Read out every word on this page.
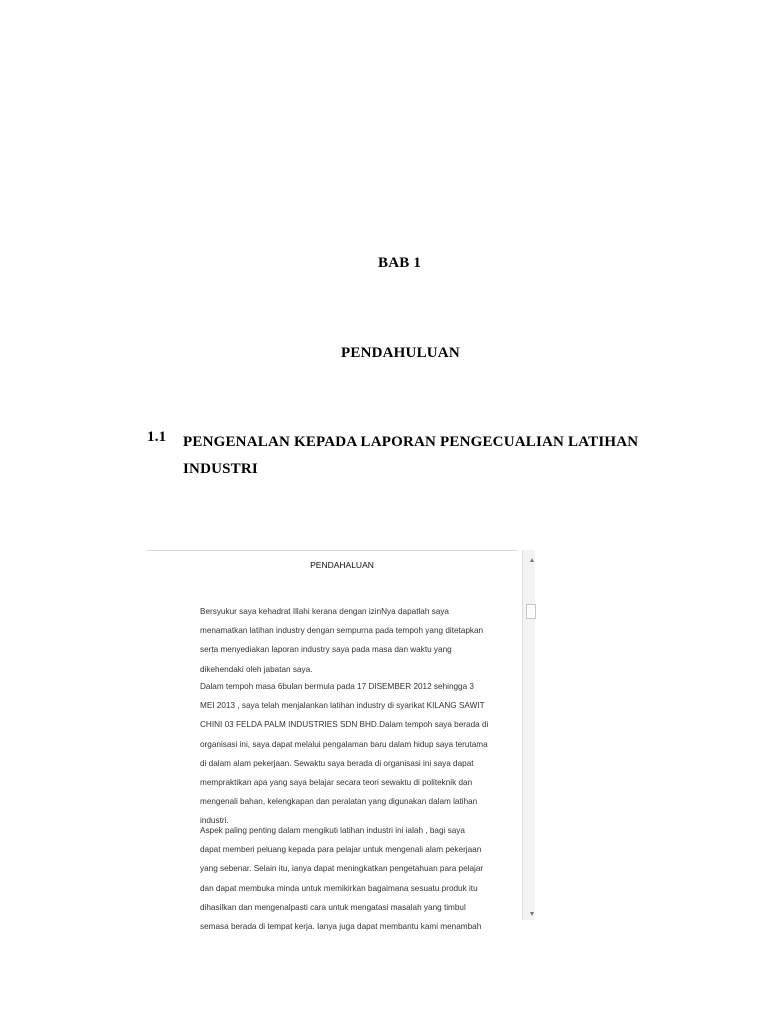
BAB 1
PENDAHULUAN
1.1 PENGENALAN KEPADA LAPORAN PENGECUALIAN LATIHAN
INDUSTRI
PENDAHALUAN
Bersyukur saya kehadrat Illahi kerana dengan izinNya dapatlah saya
menamatkan latihan industry dengan sempurna pada tempoh yang ditetapkan
serta menyediakan laporan industry saya pada masa dan waktu yang
dikehendaki oleh jabatan saya.
Dalam tempoh masa 6bulan bermula pada 17 DISEMBER 2012 sehingga 3
MEI 2013 , saya telah menjalankan latihan industry di syarikat KILANG SAWIT
CHINI 03 FELDA PALM INDUSTRIES SDN BHD.Dalam tempoh saya berada di
organisasi ini, saya dapat melalui pengalaman baru dalam hidup saya terutama
di dalam alam pekerjaan. Sewaktu saya berada di organisasi ini saya dapat
mempraktikan apa yang saya belajar secara teori sewaktu di politeknik dan
mengenali bahan, kelengkapan dan peralatan yang digunakan dalam latihan
industri.
Aspek paling penting dalam mengikuti latihan industri ini ialah , bagi saya
dapat memberi peluang kepada para pelajar untuk mengenali alam pekerjaan
yang sebenar. Selain itu, ianya dapat meningkatkan pengetahuan para pelajar
dan dapat membuka minda untuk memikirkan bagaimana sesuatu produk itu
dihasilkan dan mengenalpasti cara untuk mengatasi masalah yang timbul
semasa berada di tempat kerja. Ianya juga dapat membantu kami menambah
